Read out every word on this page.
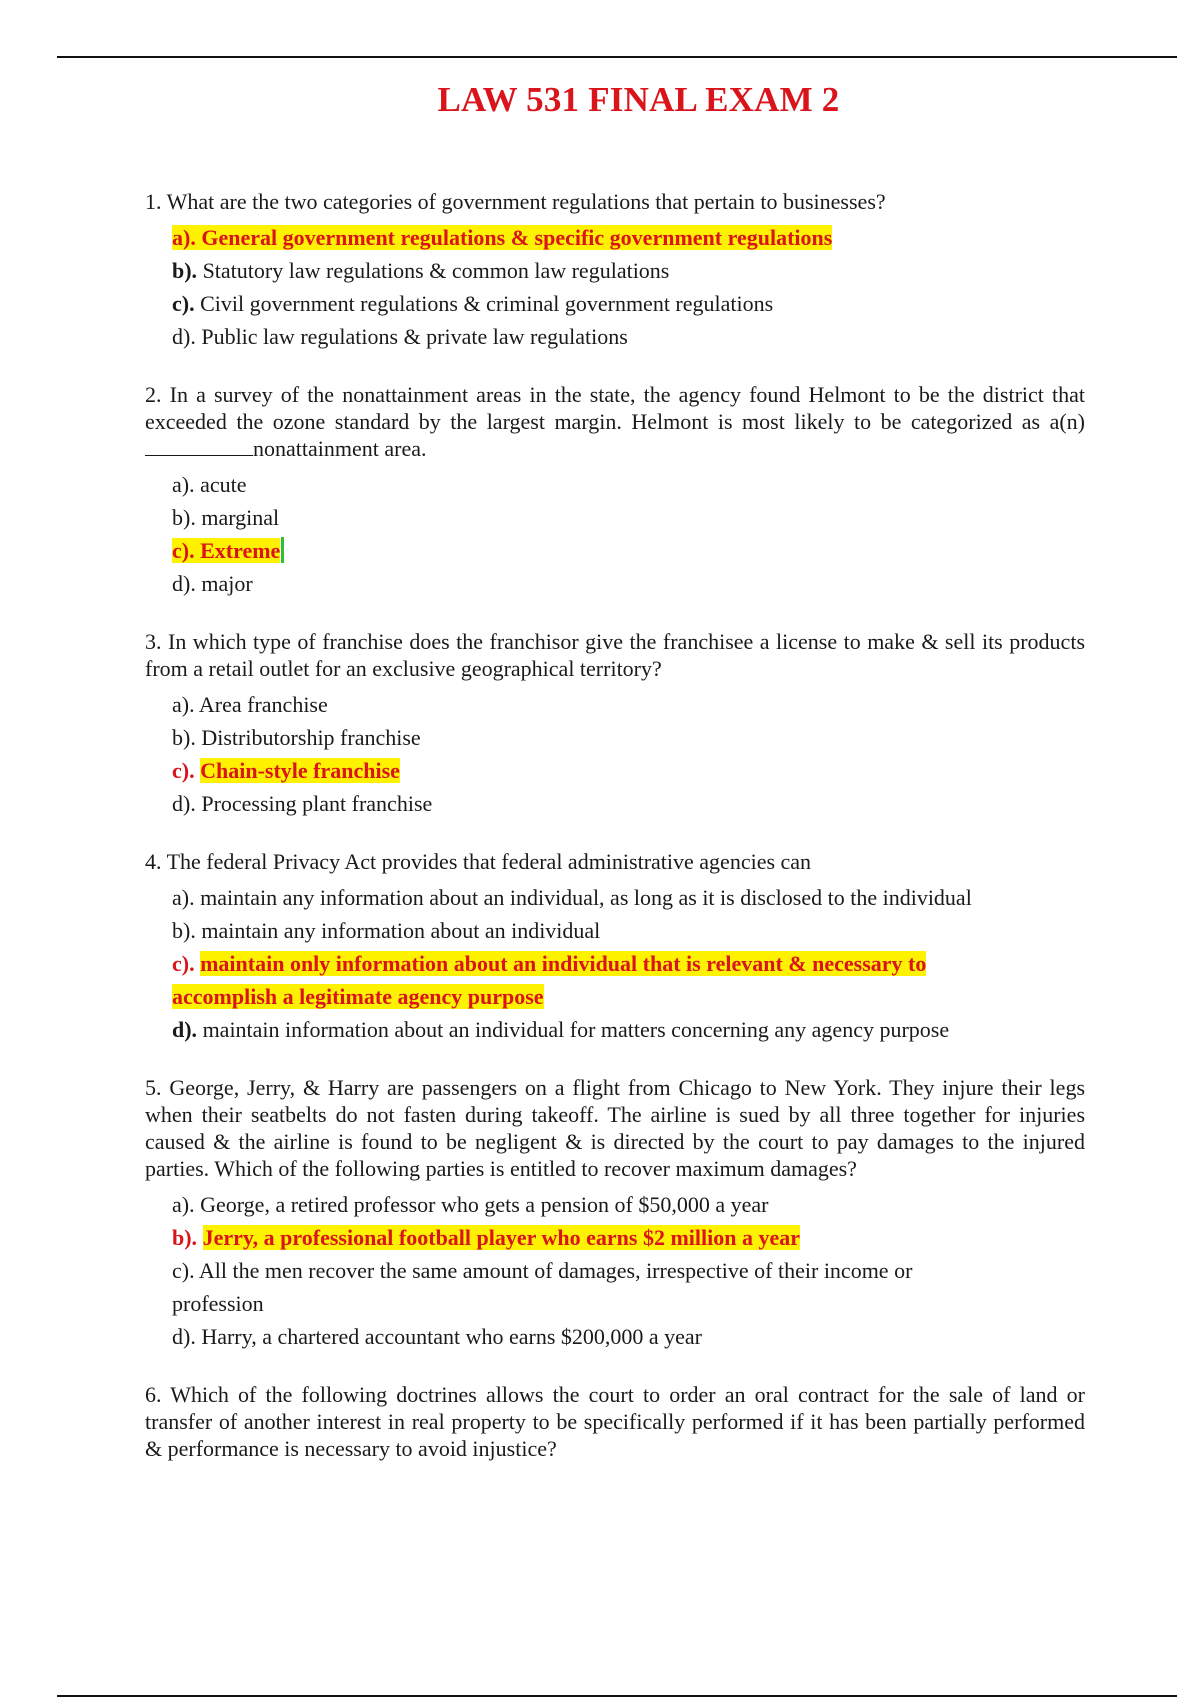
LAW 531 FINAL EXAM 2

1. What are the two categories of government regulations that pertain to businesses?

a). General government regulations & specific government regulations
b). Statutory law regulations & common law regulations
c). Civil government regulations & criminal government regulations
d). Public law regulations & private law regulations

2. In a survey of the nonattainment areas in the state, the agency found Helmont to be the district that exceeded the ozone standard by the largest margin. Helmont is most likely to be categorized as a(n)nonattainment area.

a). acute
b). marginal
c). Extreme
d). major

3. In which type of franchise does the franchisor give the franchisee a license to make & sell its products from a retail outlet for an exclusive geographical territory?

a). Area franchise
b). Distributorship franchise
c). Chain-style franchise
d). Processing plant franchise

4. The federal Privacy Act provides that federal administrative agencies can

a). maintain any information about an individual, as long as it is disclosed to the individual
b). maintain any information about an individual
c). maintain only information about an individual that is relevant & necessary to accomplish a legitimate agency purpose
d). maintain information about an individual for matters concerning any agency purpose

5. George, Jerry, & Harry are passengers on a flight from Chicago to New York. They injure their legs when their seatbelts do not fasten during takeoff. The airline is sued by all three together for injuries caused & the airline is found to be negligent & is directed by the court to pay damages to the injured parties. Which of the following parties is entitled to recover maximum damages?

a). George, a retired professor who gets a pension of $50,000 a year
b). Jerry, a professional football player who earns $2 million a year
c). All the men recover the same amount of damages, irrespective of their income or profession
d). Harry, a chartered accountant who earns $200,000 a year

6. Which of the following doctrines allows the court to order an oral contract for the sale of land or transfer of another interest in real property to be specifically performed if it has been partially performed & performance is necessary to avoid injustice?
